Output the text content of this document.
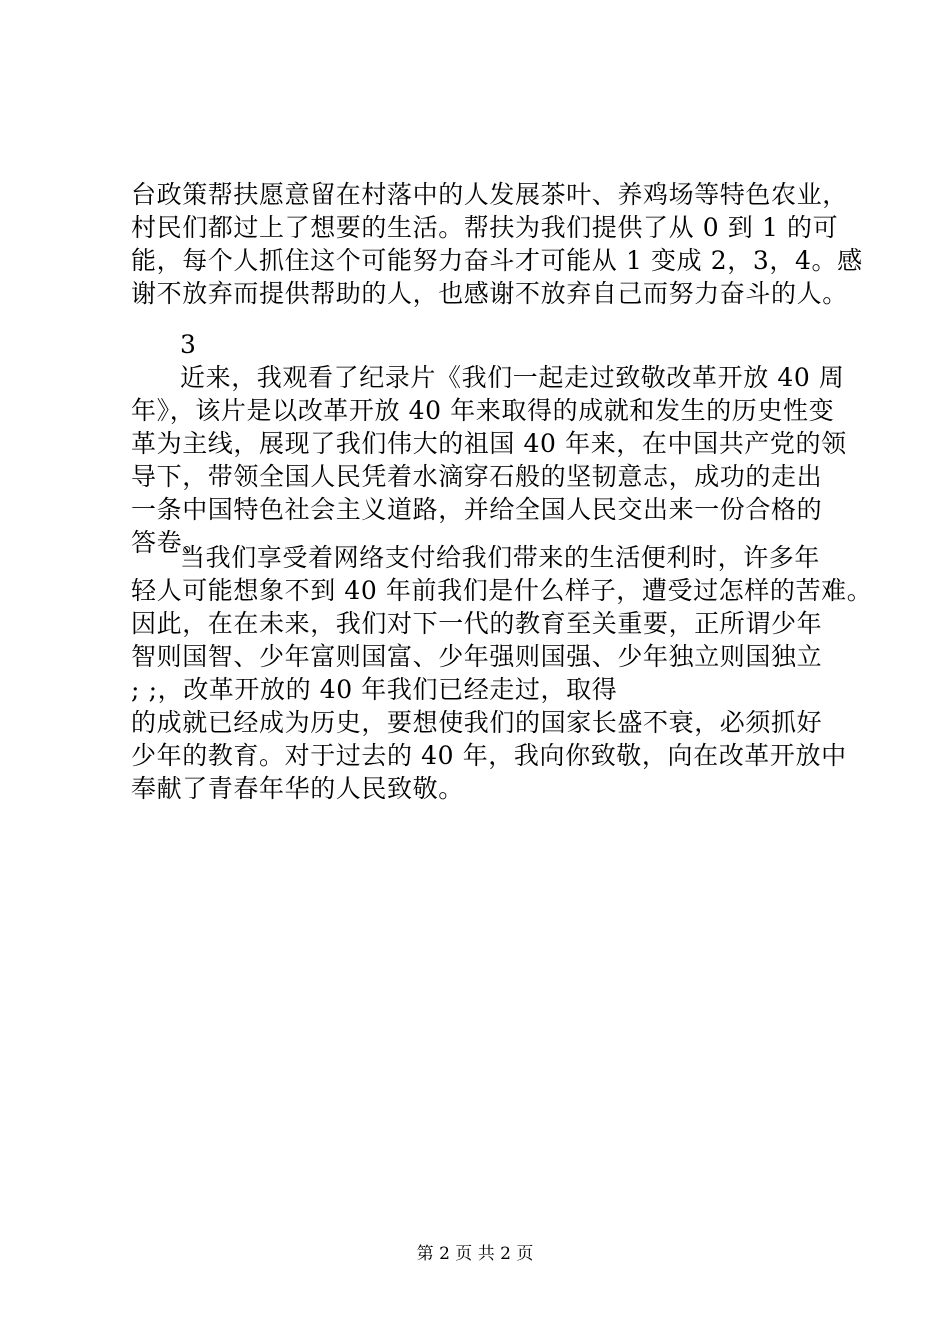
台政策帮扶愿意留在村落中的人发展茶叶、养鸡场等特色农业，
村民们都过上了想要的生活。帮扶为我们提供了从 0 到 1 的可
能，每个人抓住这个可能努力奋斗才可能从 1 变成 2，3，4。感
谢不放弃而提供帮助的人，也感谢不放弃自己而努力奋斗的人。
3
近来，我观看了纪录片《我们一起走过致敬改革开放 40 周
年》，该片是以改革开放 40 年来取得的成就和发生的历史性变
革为主线，展现了我们伟大的祖国 40 年来，在中国共产党的领
导下，带领全国人民凭着水滴穿石般的坚韧意志，成功的走出
一条中国特色社会主义道路，并给全国人民交出来一份合格的
答卷。
当我们享受着网络支付给我们带来的生活便利时，许多年
轻人可能想象不到 40 年前我们是什么样子，遭受过怎样的苦难。
因此，在在未来，我们对下一代的教育至关重要，正所谓少年
智则国智、少年富则国富、少年强则国强、少年独立则国独立
; ;，改革开放的 40 年我们已经走过，取得
的成就已经成为历史，要想使我们的国家长盛不衰，必须抓好
少年的教育。对于过去的 40 年，我向你致敬，向在改革开放中
奉献了青春年华的人民致敬。
第 2 页 共 2 页
